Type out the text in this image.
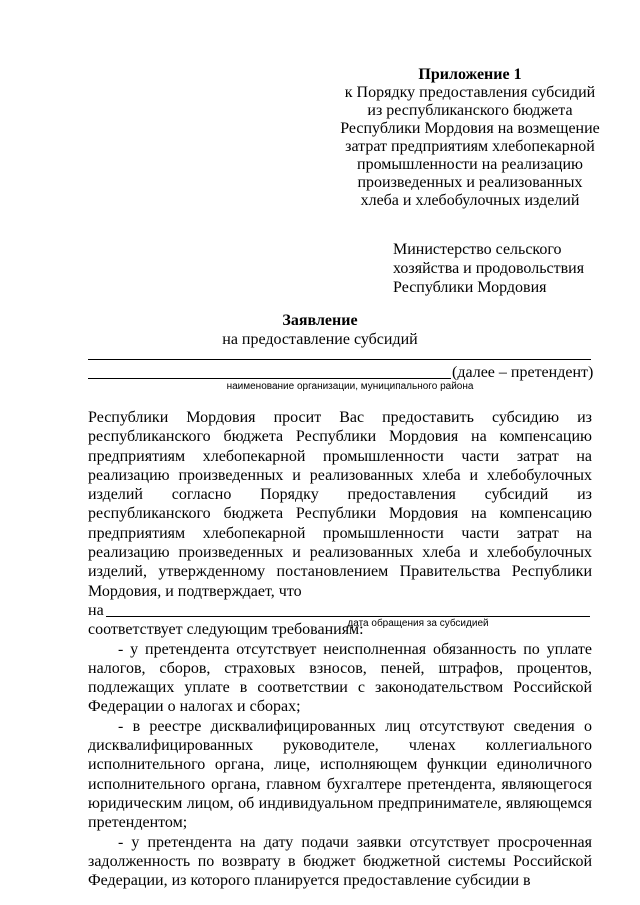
Приложение 1
к Порядку предоставления субсидий
из республиканского бюджета
Республики Мордовия на возмещение
затрат предприятиям хлебопекарной
промышленности на реализацию
произведенных и реализованных
хлеба и хлебобулочных изделий
Министерство сельского
хозяйства и продовольствия
Республики Мордовия
Заявление
на предоставление субсидий
(далее – претендент)
наименование организации, муниципального района

Республики Мордовия просит Вас предоставить субсидию из республиканского бюджета Республики Мордовия на компенсацию предприятиям хлебопекарной промышленности части затрат на реализацию произведенных и реализованных хлеба и хлебобулочных изделий согласно Порядку предоставления субсидий из республиканского бюджета Республики Мордовия на компенсацию предприятиям хлебопекарной промышленности части затрат на реализацию произведенных и реализованных хлеба и хлебобулочных изделий, утвержденному постановлением Правительства Республики Мордовия, и подтверждает, что

на
дата обращения за субсидией

соответствует следующим требованиям:

- у претендента отсутствует неисполненная обязанность по уплате налогов, сборов, страховых взносов, пеней, штрафов, процентов, подлежащих уплате в соответствии с законодательством Российской Федерации о налогах и сборах;

- в реестре дисквалифицированных лиц отсутствуют сведения о дисквалифицированных руководителе, членах коллегиального исполнительного органа, лице, исполняющем функции единоличного исполнительного органа, главном бухгалтере претендента, являющегося юридическим лицом, об индивидуальном предпринимателе, являющемся претендентом;

- у претендента на дату подачи заявки отсутствует просроченная задолженность по возврату в бюджет бюджетной системы Российской Федерации, из которого планируется предоставление субсидии в
